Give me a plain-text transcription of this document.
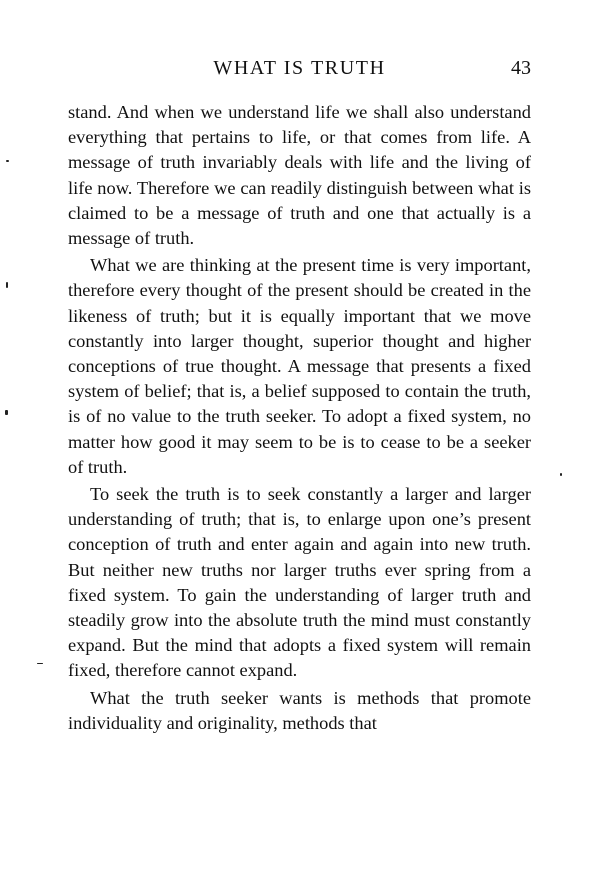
WHAT IS TRUTH	43

stand. And when we understand life we shall also understand everything that pertains to life, or that comes from life. A message of truth invariably deals with life and the living of life now. Therefore we can readily distinguish between what is claimed to be a message of truth and one that actually is a message of truth.

What we are thinking at the present time is very important, therefore every thought of the present should be created in the likeness of truth; but it is equally important that we move constantly into larger thought, superior thought and higher conceptions of true thought. A message that presents a fixed system of belief; that is, a belief supposed to contain the truth, is of no value to the truth seeker. To adopt a fixed system, no matter how good it may seem to be is to cease to be a seeker of truth.

To seek the truth is to seek constantly a larger and larger understanding of truth; that is, to enlarge upon one’s present conception of truth and enter again and again into new truth. But neither new truths nor larger truths ever spring from a fixed system. To gain the understanding of larger truth and steadily grow into the absolute truth the mind must constantly expand. But the mind that adopts a fixed system will remain fixed, therefore cannot expand.

What the truth seeker wants is methods that promote individuality and originality, methods that
